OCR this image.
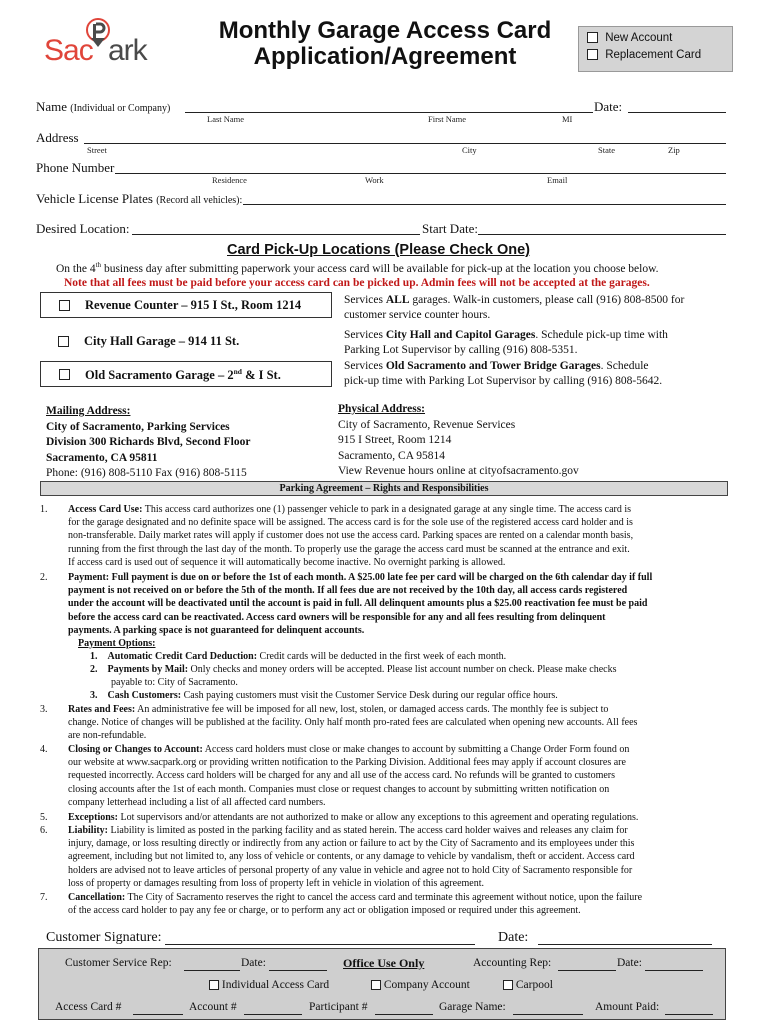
Sac ark
Monthly Garage Access Card
Application/Agreement
New Account
Replacement Card
Name (Individual or Company)	Date:
Last Name	First Name	MI
Address
Street	City	State	Zip
Phone Number
Residence	Work	Email
Vehicle License Plates (Record all vehicles):
Desired Location:	Start Date:
Card Pick-Up Locations (Please Check One)
On the 4th business day after submitting paperwork your access card will be available for pick-up at the location you choose below.
Note that all fees must be paid before your access card can be picked up. Admin fees will not be accepted at the garages.
Revenue Counter – 915 I St., Room 1214	Services ALL garages. Walk-in customers, please call (916) 808-8500 for
customer service counter hours.
City Hall Garage – 914 11 St.	Services City Hall and Capitol Garages. Schedule pick-up time with
Parking Lot Supervisor by calling (916) 808-5351.
Old Sacramento Garage – 2nd & I St.
Services Old Sacramento and Tower Bridge Garages. Schedule
pick-up time with Parking Lot Supervisor by calling (916) 808-5642.
Mailing Address:
City of Sacramento, Parking Services
Division 300 Richards Blvd, Second Floor
Sacramento, CA 95811
Phone: (916) 808-5110 Fax (916) 808-5115
Physical Address:
City of Sacramento, Revenue Services
915 I Street, Room 1214
Sacramento, CA 95814
View Revenue hours online at cityofsacramento.gov
Parking Agreement – Rights and Responsibilities
1.	Access Card Use: This access card authorizes one (1) passenger vehicle to park in a designated garage at any single time. The access card is
for the garage designated and no definite space will be assigned. The access card is for the sole use of the registered access card holder and is
non-transferable. Daily market rates will apply if customer does not use the access card. Parking spaces are rented on a calendar month basis,
running from the first through the last day of the month. To properly use the garage the access card must be scanned at the entrance and exit.
If access card is used out of sequence it will automatically become inactive. No overnight parking is allowed.
2.	Payment: Full payment is due on or before the 1st of each month. A $25.00 late fee per card will be charged on the 6th calendar day if full
payment is not received on or before the 5th of the month. If all fees due are not received by the 10th day, all access cards registered
under the account will be deactivated until the account is paid in full. All delinquent amounts plus a $25.00 reactivation fee must be paid
before the access card can be reactivated. Access card owners will be responsible for any and all fees resulting from delinquent
payments. A parking space is not guaranteed for delinquent accounts.
Payment Options:
1. Automatic Credit Card Deduction: Credit cards will be deducted in the first week of each month.
2. Payments by Mail: Only checks and money orders will be accepted. Please list account number on check. Please make checks
payable to: City of Sacramento.
3. Cash Customers: Cash paying customers must visit the Customer Service Desk during our regular office hours.
3.	Rates and Fees: An administrative fee will be imposed for all new, lost, stolen, or damaged access cards. The monthly fee is subject to
change. Notice of changes will be published at the facility. Only half month pro-rated fees are calculated when opening new accounts. All fees
are non-refundable.
4.	Closing or Changes to Account: Access card holders must close or make changes to account by submitting a Change Order Form found on
our website at www.sacpark.org or providing written notification to the Parking Division. Additional fees may apply if account closures are
requested incorrectly. Access card holders will be charged for any and all use of the access card. No refunds will be granted to customers
closing accounts after the 1st of each month. Companies must close or request changes to account by submitting written notification on
company letterhead including a list of all affected card numbers.
5.	Exceptions: Lot supervisors and/or attendants are not authorized to make or allow any exceptions to this agreement and operating regulations.
6.	Liability: Liability is limited as posted in the parking facility and as stated herein. The access card holder waives and releases any claim for
injury, damage, or loss resulting directly or indirectly from any action or failure to act by the City of Sacramento and its employees under this
agreement, including but not limited to, any loss of vehicle or contents, or any damage to vehicle by vandalism, theft or accident. Access card
holders are advised not to leave articles of personal property of any value in vehicle and agree not to hold City of Sacramento responsible for
loss of property or damages resulting from loss of property left in vehicle in violation of this agreement.
7.	Cancellation: The City of Sacramento reserves the right to cancel the access card and terminate this agreement without notice, upon the failure
of the access card holder to pay any fee or charge, or to perform any act or obligation imposed or required under this agreement.
Customer Signature:	Date:
Customer Service Rep:	Date:	Office Use Only	Accounting Rep:	Date:
Individual Access Card	Company Account	Carpool
Access Card #	Account #	Participant #	Garage Name:	Amount Paid:
